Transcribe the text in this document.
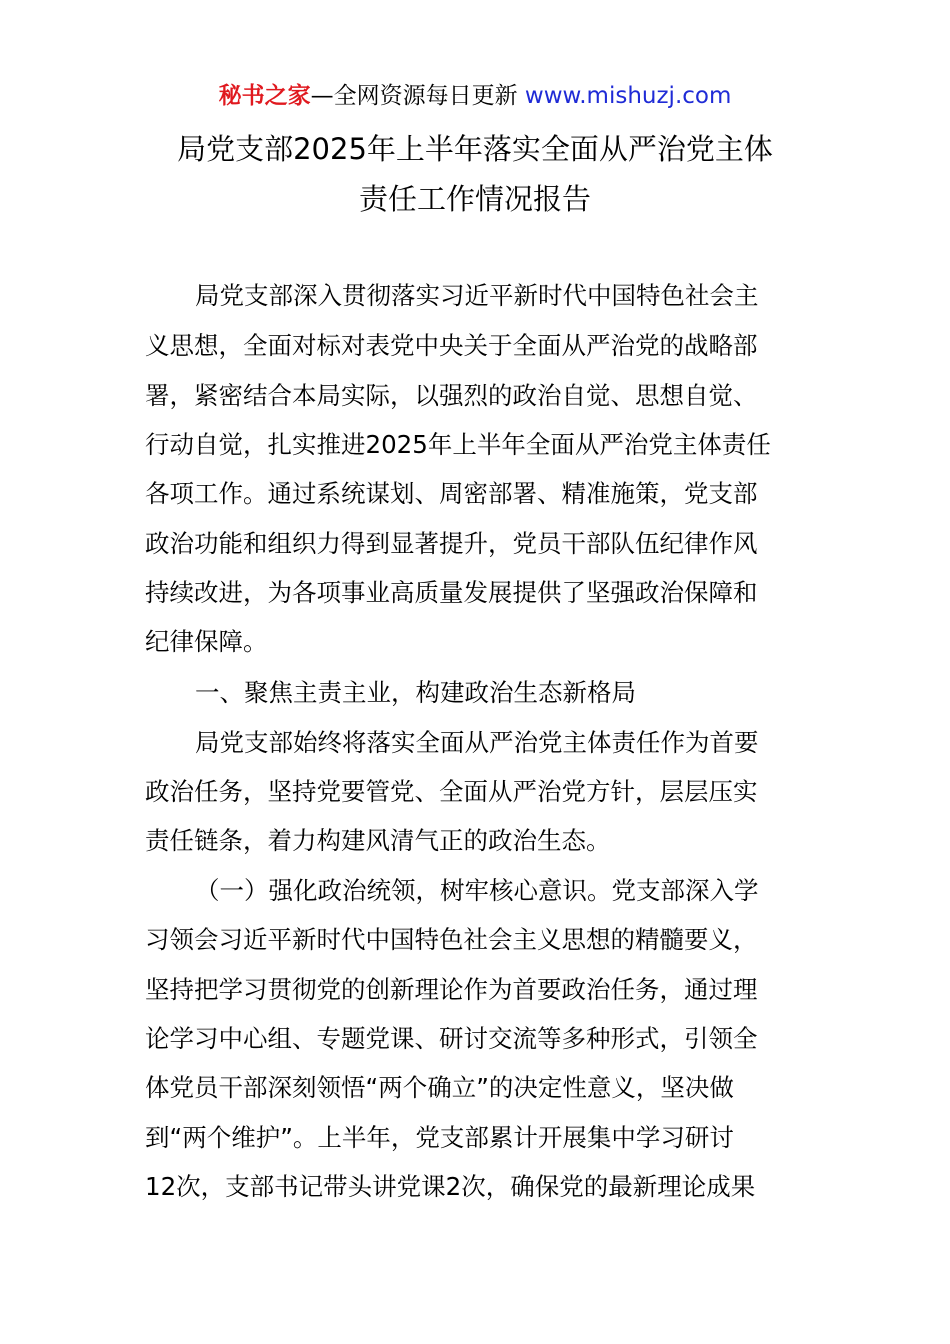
秘书之家—全网资源每日更新 www.mishuzj.com
局党支部2025年上半年落实全面从严治党主体
责任工作情况报告
局党支部深入贯彻落实习近平新时代中国特色社会主
义思想，全面对标对表党中央关于全面从严治党的战略部
署，紧密结合本局实际，以强烈的政治自觉、思想自觉、
行动自觉，扎实推进2025年上半年全面从严治党主体责任
各项工作。通过系统谋划、周密部署、精准施策，党支部
政治功能和组织力得到显著提升，党员干部队伍纪律作风
持续改进，为各项事业高质量发展提供了坚强政治保障和
纪律保障。
一、聚焦主责主业，构建政治生态新格局
局党支部始终将落实全面从严治党主体责任作为首要
政治任务，坚持党要管党、全面从严治党方针，层层压实
责任链条，着力构建风清气正的政治生态。
（一）强化政治统领，树牢核心意识。党支部深入学
习领会习近平新时代中国特色社会主义思想的精髓要义，
坚持把学习贯彻党的创新理论作为首要政治任务，通过理
论学习中心组、专题党课、研讨交流等多种形式，引领全
体党员干部深刻领悟“两个确立”的决定性意义，坚决做
到“两个维护”。上半年，党支部累计开展集中学习研讨
12次，支部书记带头讲党课2次，确保党的最新理论成果
